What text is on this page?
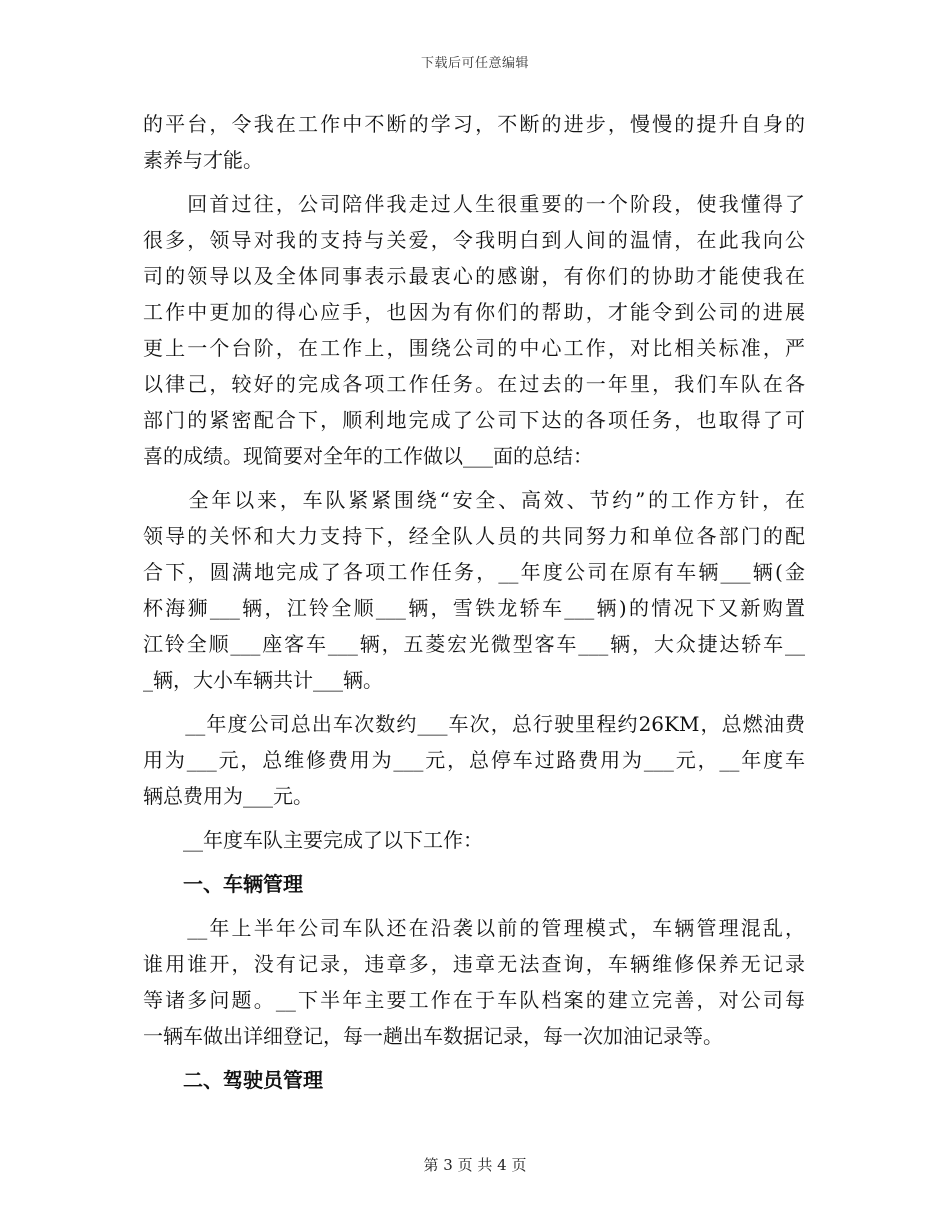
下载后可任意编辑
的平台，令我在工作中不断的学习，不断的进步，慢慢的提升自身的
素养与才能。
　　回首过往，公司陪伴我走过人生很重要的一个阶段，使我懂得了
很多，领导对我的支持与关爱，令我明白到人间的温情，在此我向公
司的领导以及全体同事表示最衷心的感谢，有你们的协助才能使我在
工作中更加的得心应手，也因为有你们的帮助，才能令到公司的进展
更上一个台阶，在工作上，围绕公司的中心工作，对比相关标准，严
以律己，较好的完成各项工作任务。在过去的一年里，我们车队在各
部门的紧密配合下，顺利地完成了公司下达的各项任务，也取得了可
喜的成绩。现简要对全年的工作做以___面的总结：
　　全年以来，车队紧紧围绕“安全、高效、节约”的工作方针，在
领导的关怀和大力支持下，经全队人员的共同努力和单位各部门的配
合下，圆满地完成了各项工作任务，__年度公司在原有车辆___辆(金
杯海狮___辆，江铃全顺___辆，雪铁龙轿车___辆)的情况下又新购置
江铃全顺___座客车___辆，五菱宏光微型客车___辆，大众捷达轿车__
_辆，大小车辆共计___辆。
　　__年度公司总出车次数约___车次，总行驶里程约26KM，总燃油费
用为___元，总维修费用为___元，总停车过路费用为___元，__年度车
辆总费用为___元。
　　__年度车队主要完成了以下工作：
一、车辆管理
　　__年上半年公司车队还在沿袭以前的管理模式，车辆管理混乱，
谁用谁开，没有记录，违章多，违章无法查询，车辆维修保养无记录
等诸多问题。__下半年主要工作在于车队档案的建立完善，对公司每
一辆车做出详细登记，每一趟出车数据记录，每一次加油记录等。
二、驾驶员管理
第 3 页 共 4 页
